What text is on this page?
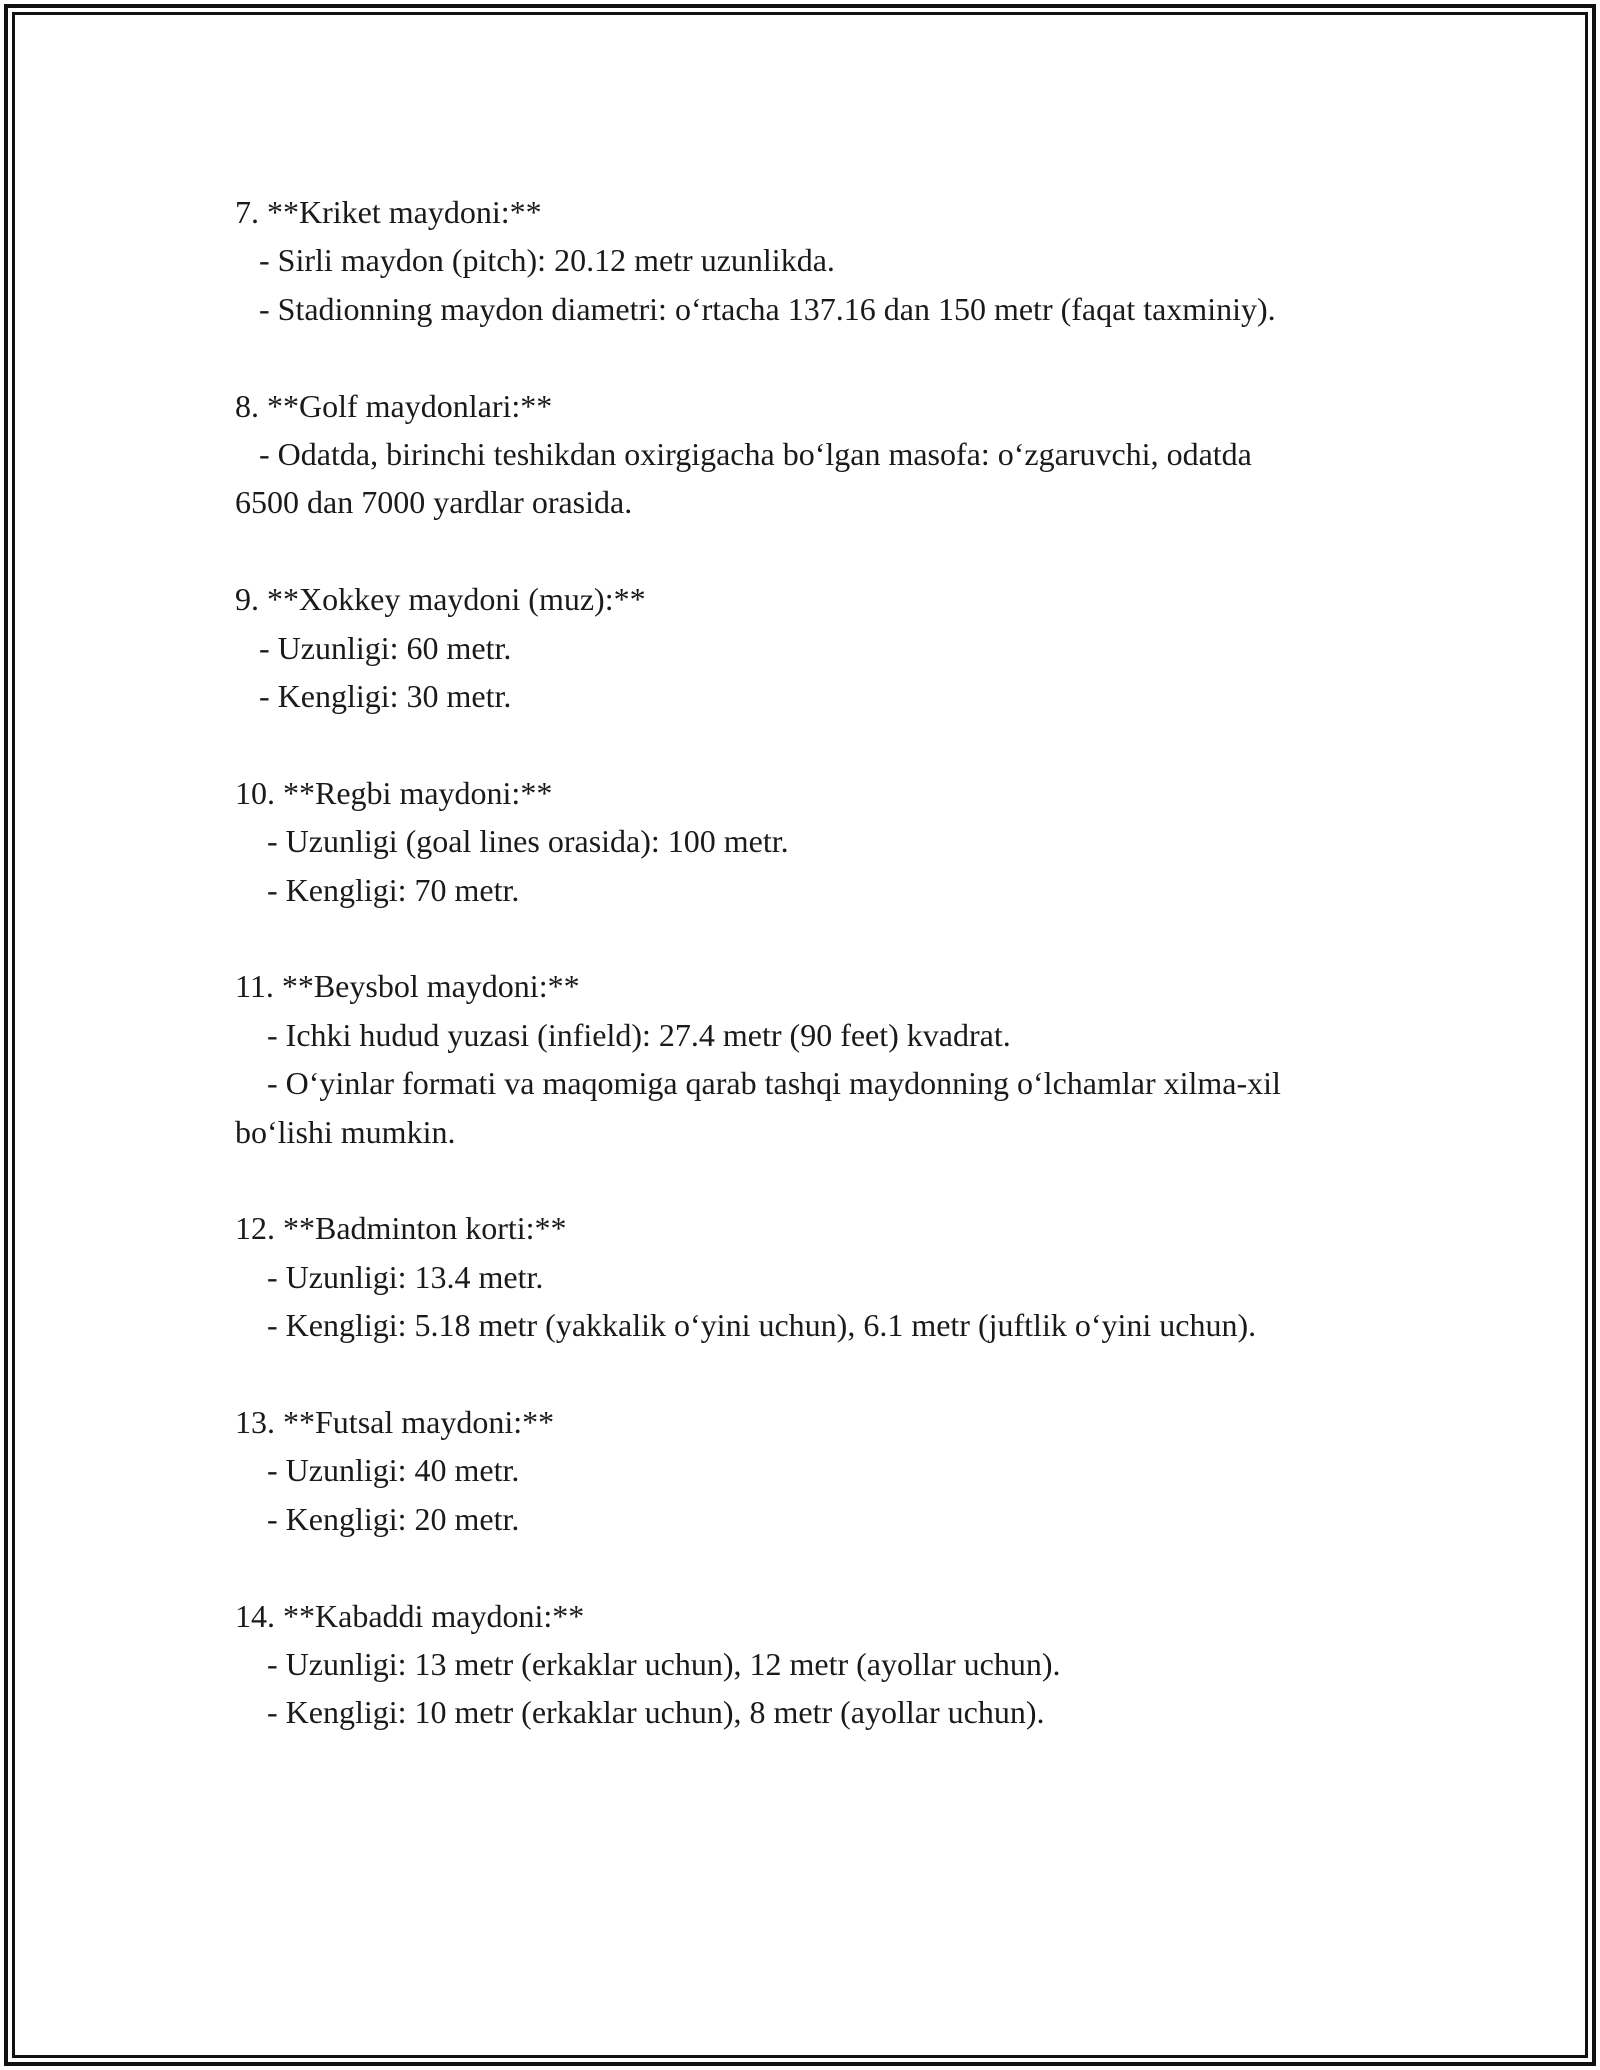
7. **Kriket maydoni:**

- Sirli maydon (pitch): 20.12 metr uzunlikda.

- Stadionning maydon diametri: o‘rtacha 137.16 dan 150 metr (faqat taxminiy).

8. **Golf maydonlari:**

- Odatda, birinchi teshikdan oxirgigacha bo‘lgan masofa: o‘zgaruvchi, odatda 6500 dan 7000 yardlar orasida.

9. **Xokkey maydoni (muz):**

- Uzunligi: 60 metr.

- Kengligi: 30 metr.

10. **Regbi maydoni:**

- Uzunligi (goal lines orasida): 100 metr.

- Kengligi: 70 metr.

11. **Beysbol maydoni:**

- Ichki hudud yuzasi (infield): 27.4 metr (90 feet) kvadrat.

- O‘yinlar formati va maqomiga qarab tashqi maydonning o‘lchamlar xilma-xil bo‘lishi mumkin.

12. **Badminton korti:**

- Uzunligi: 13.4 metr.

- Kengligi: 5.18 metr (yakkalik o‘yini uchun), 6.1 metr (juftlik o‘yini uchun).

13. **Futsal maydoni:**

- Uzunligi: 40 metr.

- Kengligi: 20 metr.

14. **Kabaddi maydoni:**

- Uzunligi: 13 metr (erkaklar uchun), 12 metr (ayollar uchun).

- Kengligi: 10 metr (erkaklar uchun), 8 metr (ayollar uchun).
